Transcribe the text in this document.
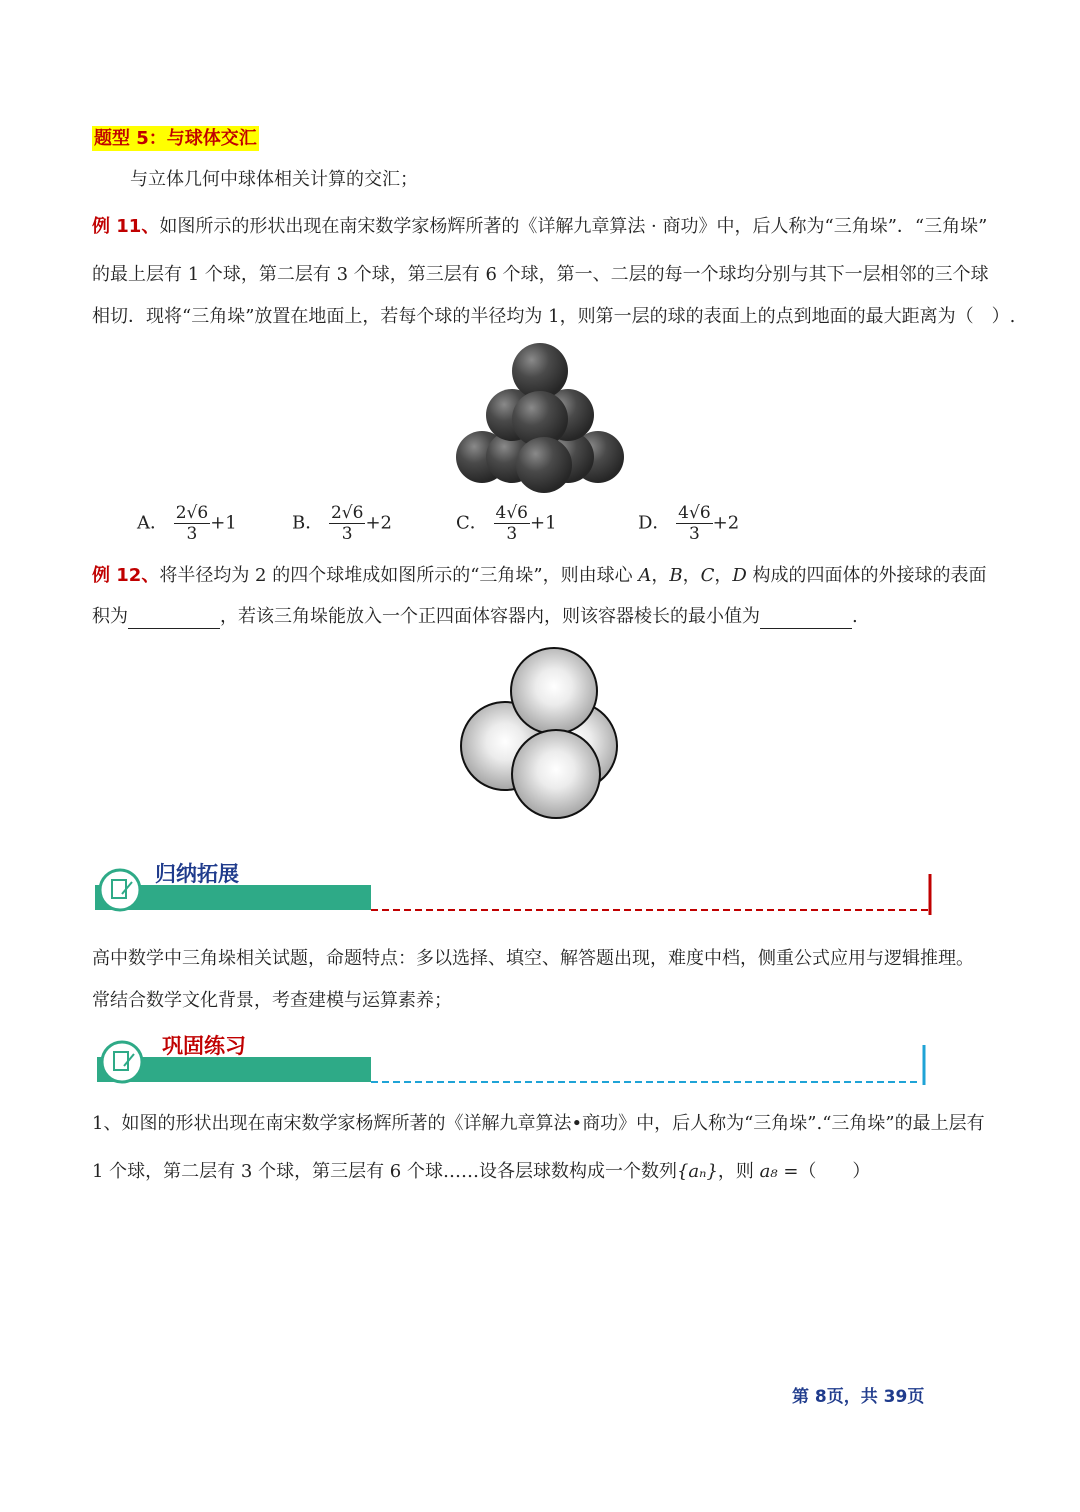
题型 5：与球体交汇
与立体几何中球体相关计算的交汇；
例 11、如图所示的形状出现在南宋数学家杨辉所著的《详解九章算法 · 商功》中，后人称为“三角垛”．“三角垛”
的最上层有 1 个球，第二层有 3 个球，第三层有 6 个球，第一、二层的每一个球均分别与其下一层相邻的三个球
相切．现将“三角垛”放置在地面上，若每个球的半径均为 1，则第一层的球的表面上的点到地面的最大距离为（　）.
A． $\frac{2√6}{3} +1$	B． $\frac{2√6}{3} +2$	C． $\frac{4√6}{3} +1$	D． $\frac{4√6}{3} +2$
例 12、将半径均为 2 的四个球堆成如图所示的“三角垛”，则由球心 A，B，C，D 构成的四面体的外接球的表面
积为	，若该三角垛能放入一个正四面体容器内，则该容器棱长的最小值为	.
归纳拓展
高中数学中三角垛相关试题，命题特点：多以选择、填空、解答题出现，难度中档，侧重公式应用与逻辑推理。
常结合数学文化背景，考查建模与运算素养；
巩固练习
1、如图的形状出现在南宋数学家杨辉所著的《详解九章算法•商功》中，后人称为“三角垛”.“三角垛”的最上层有
1 个球，第二层有 3 个球，第三层有 6 个球……设各层球数构成一个数列{aₙ}，则 a₈ =（　　）
第 8页，共 39页
